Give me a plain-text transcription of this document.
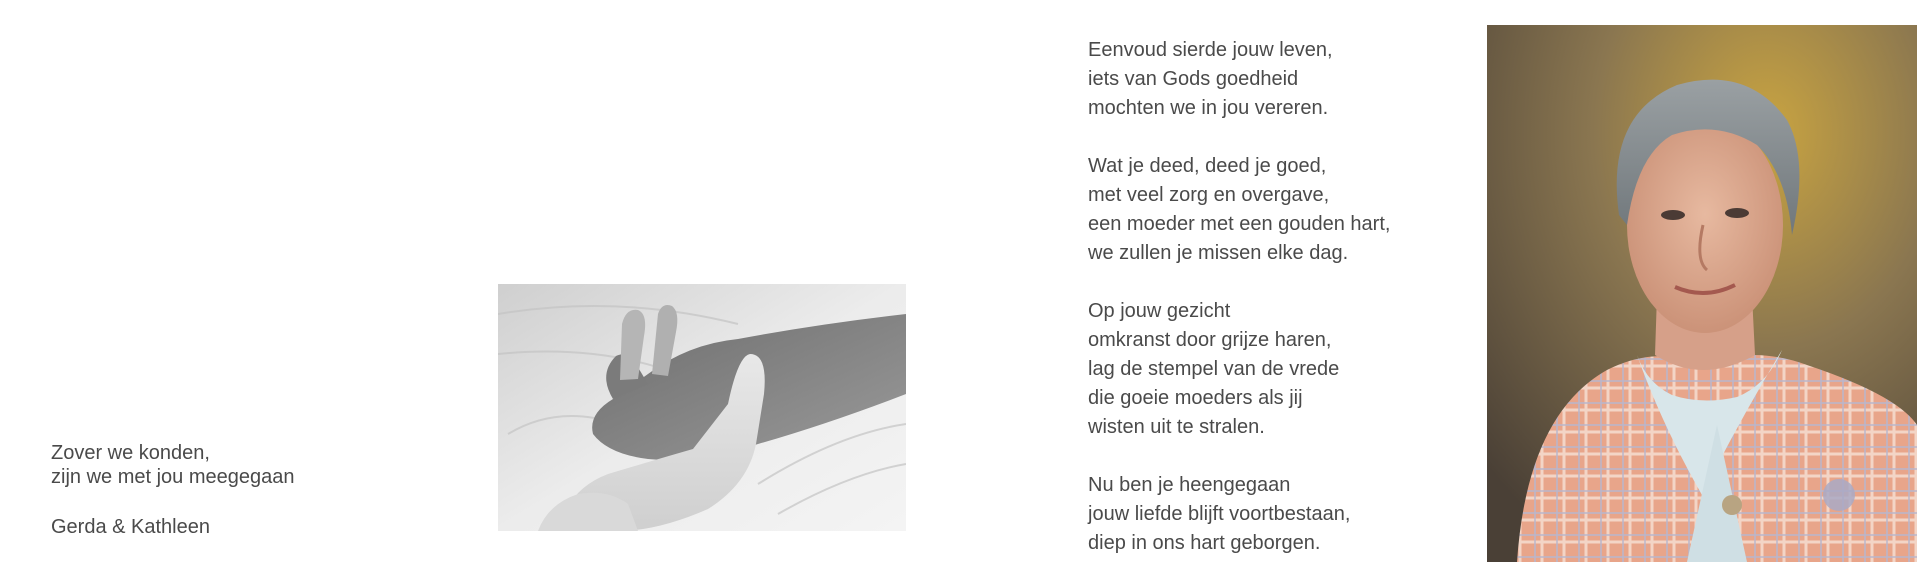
Zover we konden,
zijn we met jou meegegaan
Gerda & Kathleen
Eenvoud sierde jouw leven,
iets van Gods goedheid
mochten we in jou vereren.
Wat je deed, deed je goed,
met veel zorg en overgave,
een moeder met een gouden hart,
we zullen je missen elke dag.
Op jouw gezicht
omkranst door grijze haren,
lag de stempel van de vrede
die goeie moeders als jij
wisten uit te stralen.
Nu ben je heengegaan
jouw liefde blijft voortbestaan,
diep in ons hart geborgen.
